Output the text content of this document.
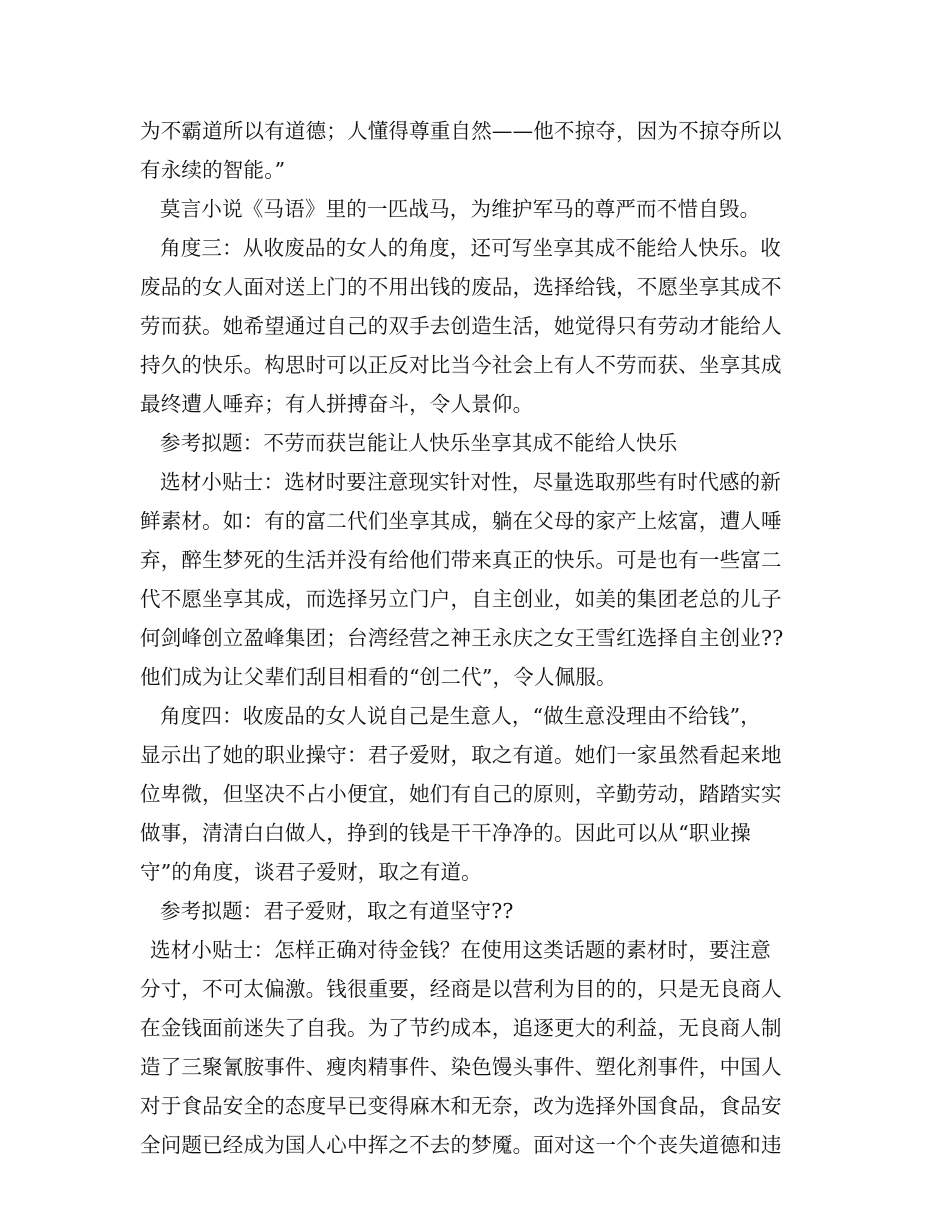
为不霸道所以有道德；人懂得尊重自然——他不掠夺，因为不掠夺所以
有永续的智能。”
莫言小说《马语》里的一匹战马，为维护军马的尊严而不惜自毁。
角度三：从收废品的女人的角度，还可写坐享其成不能给人快乐。收
废品的女人面对送上门的不用出钱的废品，选择给钱，不愿坐享其成不
劳而获。她希望通过自己的双手去创造生活，她觉得只有劳动才能给人
持久的快乐。构思时可以正反对比当今社会上有人不劳而获、坐享其成
最终遭人唾弃；有人拼搏奋斗，令人景仰。
参考拟题：不劳而获岂能让人快乐坐享其成不能给人快乐
选材小贴士：选材时要注意现实针对性，尽量选取那些有时代感的新
鲜素材。如：有的富二代们坐享其成，躺在父母的家产上炫富，遭人唾
弃，醉生梦死的生活并没有给他们带来真正的快乐。可是也有一些富二
代不愿坐享其成，而选择另立门户，自主创业，如美的集团老总的儿子
何剑峰创立盈峰集团；台湾经营之神王永庆之女王雪红选择自主创业??
他们成为让父辈们刮目相看的“创二代”，令人佩服。
角度四：收废品的女人说自己是生意人，“做生意没理由不给钱”，
显示出了她的职业操守：君子爱财，取之有道。她们一家虽然看起来地
位卑微，但坚决不占小便宜，她们有自己的原则，辛勤劳动，踏踏实实
做事，清清白白做人，挣到的钱是干干净净的。因此可以从“职业操
守”的角度，谈君子爱财，取之有道。
参考拟题：君子爱财，取之有道坚守??
选材小贴士：怎样正确对待金钱？在使用这类话题的素材时，要注意
分寸，不可太偏激。钱很重要，经商是以营利为目的的，只是无良商人
在金钱面前迷失了自我。为了节约成本，追逐更大的利益，无良商人制
造了三聚氰胺事件、瘦肉精事件、染色馒头事件、塑化剂事件，中国人
对于食品安全的态度早已变得麻木和无奈，改为选择外国食品，食品安
全问题已经成为国人心中挥之不去的梦魇。面对这一个个丧失道德和违
